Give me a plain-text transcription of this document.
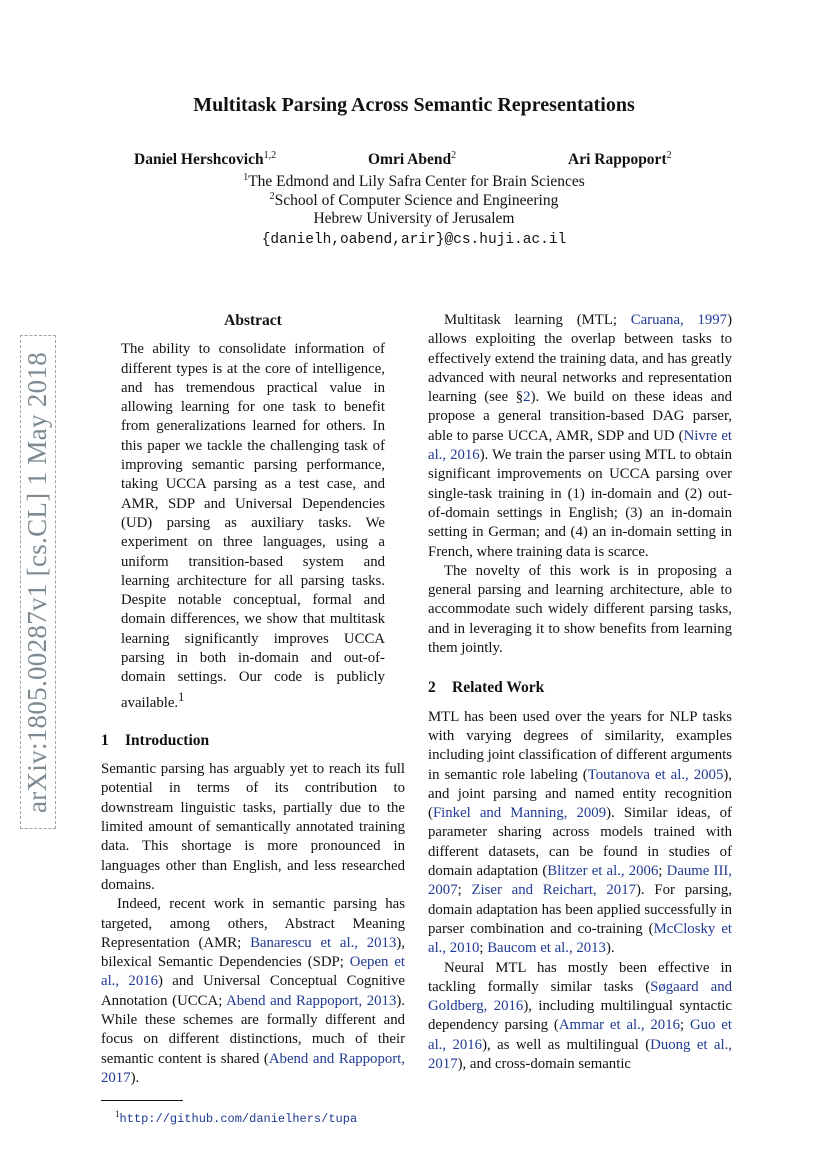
arXiv:1805.00287v1 [cs.CL] 1 May 2018
Multitask Parsing Across Semantic Representations
Daniel Hershcovich$^{1,2}$	Omri Abend$^2$	Ari Rappoport$^2$
$^1$The Edmond and Lily Safra Center for Brain Sciences
$^2$School of Computer Science and Engineering
Hebrew University of Jerusalem
{danielh,oabend,arir}@cs.huji.ac.il
Abstract

The ability to consolidate information of different types is at the core of intelligence, and has tremendous practical value in allowing learning for one task to benefit from generalizations learned for others. In this paper we tackle the challenging task of improving semantic parsing performance, taking UCCA parsing as a test case, and AMR, SDP and Universal Dependencies (UD) parsing as auxiliary tasks. We experiment on three languages, using a uniform transition-based system and learning architecture for all parsing tasks. Despite notable conceptual, formal and domain differences, we show that multitask learning significantly improves UCCA parsing in both in-domain and out-of-domain settings. Our code is publicly available.$^1$

1 Introduction

Semantic parsing has arguably yet to reach its full potential in terms of its contribution to downstream linguistic tasks, partially due to the limited amount of semantically annotated training data. This shortage is more pronounced in languages other than English, and less researched domains.

Indeed, recent work in semantic parsing has targeted, among others, Abstract Meaning Representation (AMR; Banarescu et al., 2013), bilexical Semantic Dependencies (SDP; Oepen et al., 2016) and Universal Conceptual Cognitive Annotation (UCCA; Abend and Rappoport, 2013). While these schemes are formally different and focus on different distinctions, much of their semantic content is shared (Abend and Rappoport, 2017).

$^1$http://github.com/danielhers/tupa

Multitask learning (MTL; Caruana, 1997) allows exploiting the overlap between tasks to effectively extend the training data, and has greatly advanced with neural networks and representation learning (see §2). We build on these ideas and propose a general transition-based DAG parser, able to parse UCCA, AMR, SDP and UD (Nivre et al., 2016). We train the parser using MTL to obtain significant improvements on UCCA parsing over single-task training in (1) in-domain and (2) out-of-domain settings in English; (3) an in-domain setting in German; and (4) an in-domain setting in French, where training data is scarce.

The novelty of this work is in proposing a general parsing and learning architecture, able to accommodate such widely different parsing tasks, and in leveraging it to show benefits from learning them jointly.

2 Related Work

MTL has been used over the years for NLP tasks with varying degrees of similarity, examples including joint classification of different arguments in semantic role labeling (Toutanova et al., 2005), and joint parsing and named entity recognition (Finkel and Manning, 2009). Similar ideas, of parameter sharing across models trained with different datasets, can be found in studies of domain adaptation (Blitzer et al., 2006; Daume III, 2007; Ziser and Reichart, 2017). For parsing, domain adaptation has been applied successfully in parser combination and co-training (McClosky et al., 2010; Baucom et al., 2013).

Neural MTL has mostly been effective in tackling formally similar tasks (Søgaard and Goldberg, 2016), including multilingual syntactic dependency parsing (Ammar et al., 2016; Guo et al., 2016), as well as multilingual (Duong et al., 2017), and cross-domain semantic
